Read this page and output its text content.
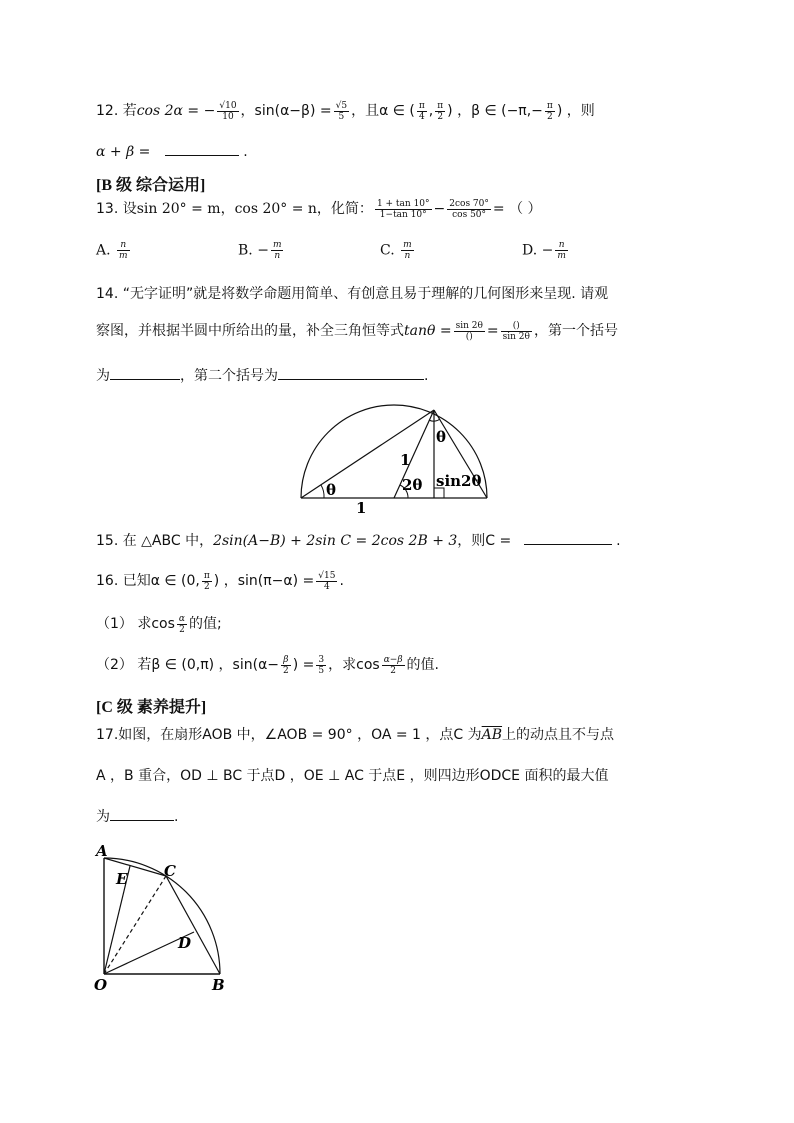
12. 若cos 2α = − $\frac{√10}{10}$ ，$\sin(\alpha-\beta) = \frac{√5}{5}$ ，且α ∈ ( $\frac{\pi}{4}$ , $\frac{\pi}{2}$ ) ，β ∈ ($-\pi,- \frac{\pi}{2}$ ) ，则
α + β =	.
[B 级 综合运用]
13. 设sin 20° = m，cos 20° = n，化简： $\frac{1 + \tan 10^\circ}{1-\tan 10^\circ} - \frac{2\cos 70^\circ}{\cos 50^\circ}$ = （ ）
A. $\frac{n}{m}$	B. − $\frac{m}{n}$	C. $\frac{m}{n}$	D. − $\frac{n}{m}$
14. “无字证明”就是将数学命题用简单、有创意且易于理解的几何图形来呈现. 请观
察图，并根据半圆中所给出的量，补全三角恒等式$\tan\theta = \frac{\sin 2\theta}{()} = \frac{()}{\sin 2\theta}$ ，第一个括号
为	，第二个括号为	.
θ
1
1
2θ sin2θ
θ
15. 在 △ABC 中，2sin(A−B) + 2sin C = 2cos 2B + 3，则C =	.
16. 已知α ∈ (0, $\frac{\pi}{2}$ ) ，$\sin(\pi-\alpha) = \frac{√15}{4}$ .
（1） 求$\cos \frac{\alpha}{2}$ 的值;
（2） 若β ∈ (0,π) ，$\sin(\alpha- \frac{\beta}{2}$ ) = $\frac{3}{5}$ ，求$\cos \frac{\alpha-\beta}{2}$ 的值.
[C 级 素养提升]
17.如图，在扇形AOB 中，∠AOB = 90° ，OA = 1 ，点C 为$\overline{AB}$上的动点且不与点
A ，B 重合，OD ⊥ BC 于点D ，OE ⊥ AC 于点E ，则四边形ODCE 面积的最大值
为	.
A
E C
D
O	B
